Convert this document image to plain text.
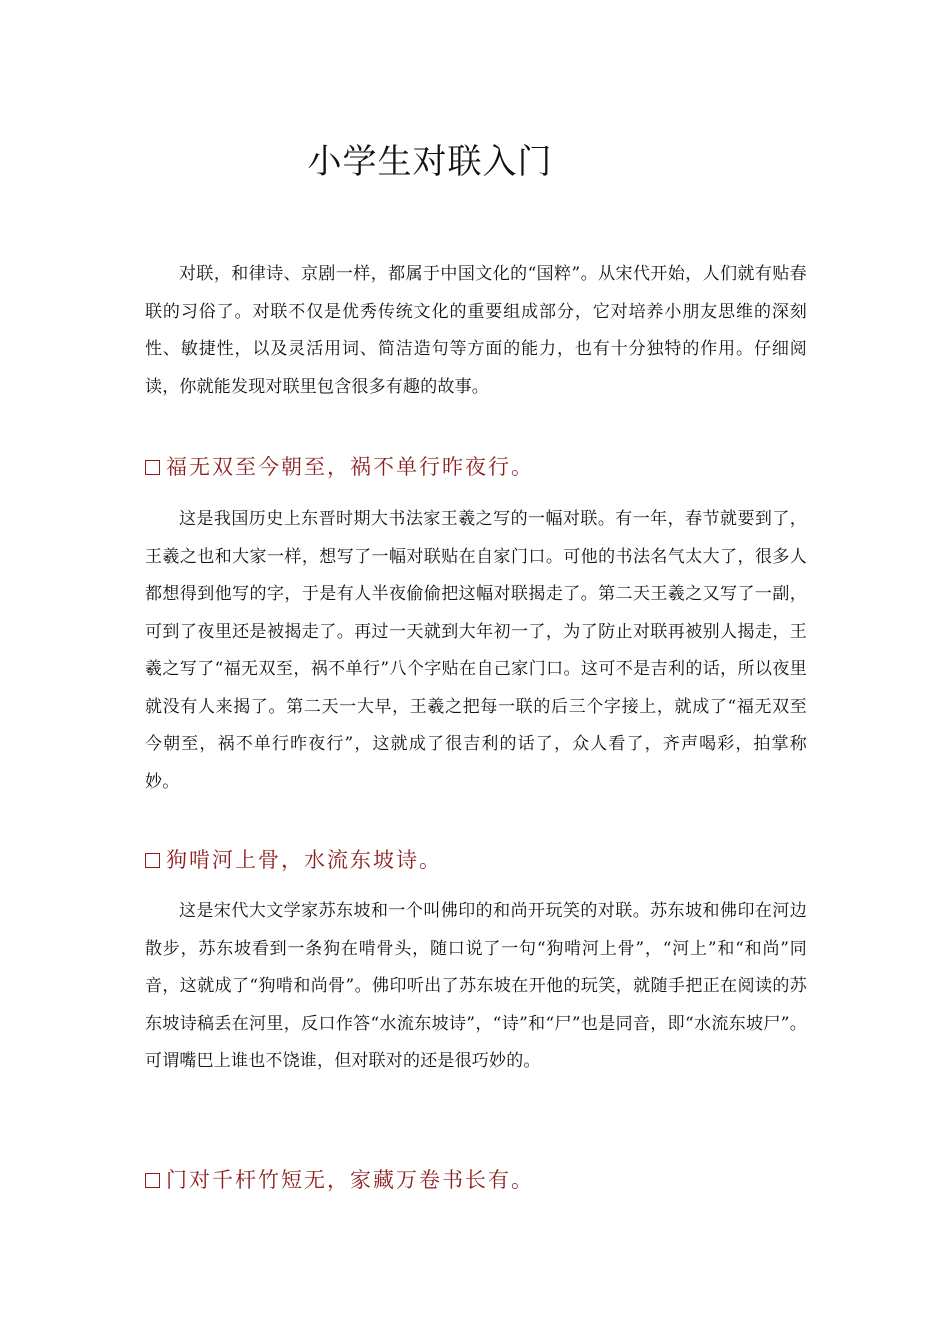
小学生对联入门

对联，和律诗、京剧一样，都属于中国文化的“国粹”。从宋代开始，人们就有贴春联的习俗了。对联不仅是优秀传统文化的重要组成部分，它对培养小朋友思维的深刻性、敏捷性，以及灵活用词、简洁造句等方面的能力，也有十分独特的作用。仔细阅读，你就能发现对联里包含很多有趣的故事。

福无双至今朝至，祸不单行昨夜行。

这是我国历史上东晋时期大书法家王羲之写的一幅对联。有一年，春节就要到了，王羲之也和大家一样，想写了一幅对联贴在自家门口。可他的书法名气太大了，很多人都想得到他写的字，于是有人半夜偷偷把这幅对联揭走了。第二天王羲之又写了一副，可到了夜里还是被揭走了。再过一天就到大年初一了，为了防止对联再被别人揭走，王羲之写了“福无双至，祸不单行”八个字贴在自己家门口。这可不是吉利的话，所以夜里就没有人来揭了。第二天一大早，王羲之把每一联的后三个字接上，就成了“福无双至今朝至，祸不单行昨夜行”，这就成了很吉利的话了，众人看了，齐声喝彩，拍掌称妙。

狗啃河上骨，水流东坡诗。

这是宋代大文学家苏东坡和一个叫佛印的和尚开玩笑的对联。苏东坡和佛印在河边散步，苏东坡看到一条狗在啃骨头，随口说了一句“狗啃河上骨”，“河上”和“和尚”同音，这就成了“狗啃和尚骨”。佛印听出了苏东坡在开他的玩笑，就随手把正在阅读的苏东坡诗稿丢在河里，反口作答“水流东坡诗”，“诗”和“尸”也是同音，即“水流东坡尸”。可谓嘴巴上谁也不饶谁，但对联对的还是很巧妙的。

门对千杆竹短无，家藏万卷书长有。
